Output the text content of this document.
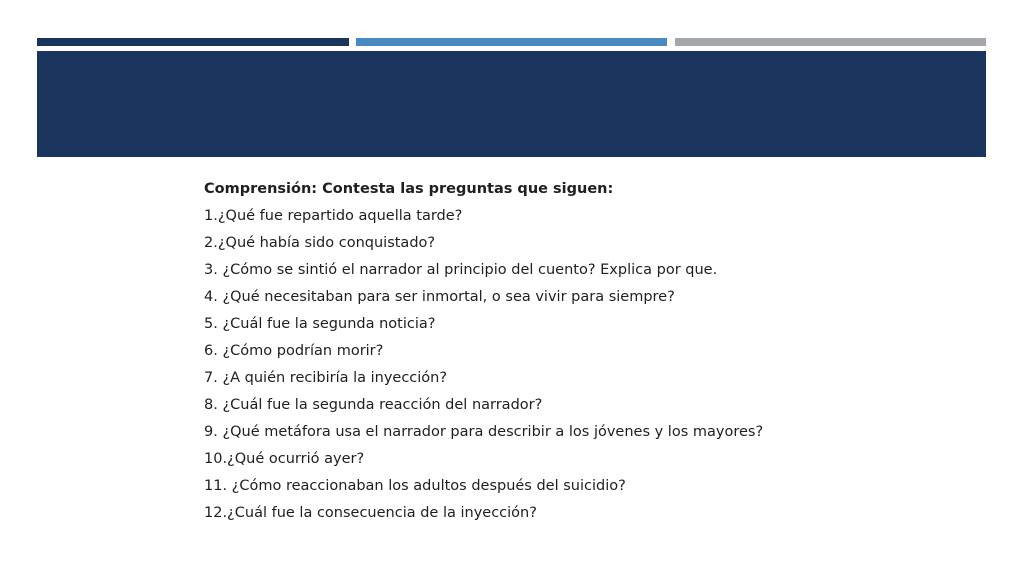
Comprensión: Contesta las preguntas que siguen:
1.¿Qué fue repartido aquella tarde?
2.¿Qué había sido conquistado?
3. ¿Cómo se sintió el narrador al principio del cuento? Explica por que.
4. ¿Qué necesitaban para ser inmortal, o sea vivir para siempre?
5. ¿Cuál fue la segunda noticia?
6. ¿Cómo podrían morir?
7. ¿A quién recibiría la inyección?
8. ¿Cuál fue la segunda reacción del narrador?
9. ¿Qué metáfora usa el narrador para describir a los jóvenes y los mayores?
10.¿Qué ocurrió ayer?
11. ¿Cómo reaccionaban los adultos después del suicidio?
12.¿Cuál fue la consecuencia de la inyección?
